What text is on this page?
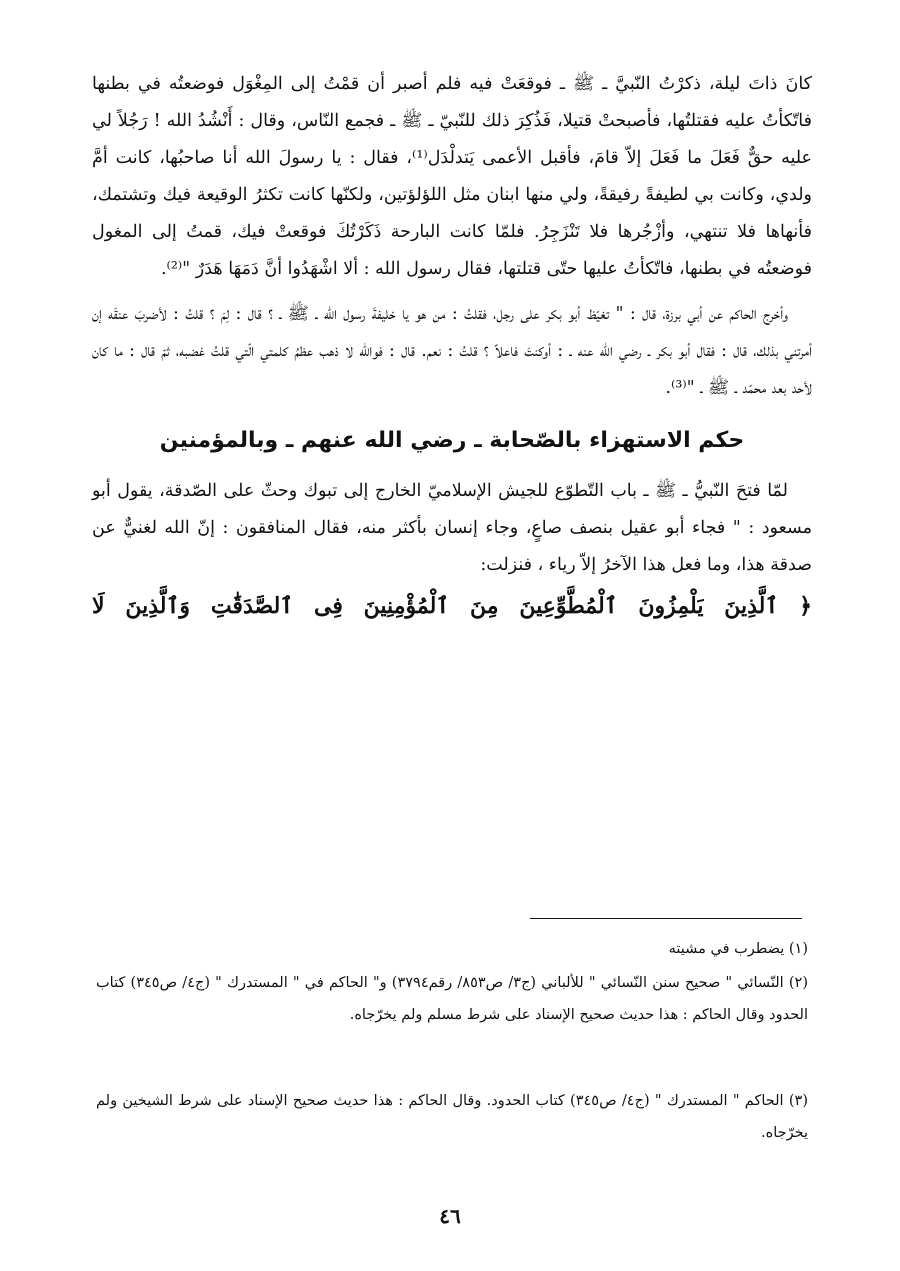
كانَ ذاتَ ليلة، ذكرْتُ النّبيَّ ـ ﷺ ـ فوقعَتْ فيه فلم أصبر أن قمْتُ إلى المِغْوَل فوضعتُه في بطنها فاتّكأتُ عليه فقتلتُها، فأصبحتْ قتيلا، فَذُكِرَ ذلك للنّبيّ ـ ﷺ ـ فجمع النّاس، وقال : أَنْشُدُ الله ! رَجُلاً لي عليه حقٌّ فَعَلَ ما فَعَلَ إلاّ قامَ، فأقبل الأعمى يَتدلْدَل⁽¹⁾، فقال : يا رسولَ الله أنا صاحبُها، كانت أمَّ ولدي، وكانت بي لطيفةً رفيقةً، ولي منها ابنان مثل اللؤلؤتين، ولكنّها كانت تكثرُ الوقيعة فيك وتشتمك، فأنهاها فلا تنتهي، وأزْجُرها فلا تَنْزَجِرُ. فلمّا كانت البارحة ذَكَرْتُكَ فوقعتْ فيك، قمتُ إلى المغول فوضعتُه في بطنها، فاتّكأتُ عليها حتّى قتلتها، فقال رسول الله : ألا اشْهَدُوا أنَّ دَمَهَا هَدَرٌ "⁽²⁾.

وأخرج الحاكم عن أبي برزة، قال : " تغيّظ أبو بكر على رجل، فقلتُ : من هو يا خليفةَ رسول الله ـ ﷺ ـ ؟ قال : لِمَ ؟ قلتُ : لأضربَ عنقَه إن أمرتني بذلك، قال : فقال أبو بكر ـ رضي الله عنه ـ : أوكنتَ فاعلاً ؟ قلتُ : نعم. قال : فوالله لا ذهب عظمُ كلمتي الّتي قلتُ غضبه، ثمّ قال : ما كان لأحد بعد محمّد ـ ﷺ ـ "⁽³⁾.

حكم الاستهزاء بالصّحابة ـ رضي الله عنهم ـ وبالمؤمنين

لمّا فتحَ النّبيُّ ـ ﷺ ـ باب التّطوّع للجيش الإسلاميّ الخارج إلى تبوك وحثّ على الصّدقة، يقول أبو مسعود : " فجاء أبو عقيل بنصف صاعٍ، وجاء إنسان بأكثر منه، فقال المنافقون : إنّ الله لغنيٌّ عن صدقة هذا، وما فعل هذا الآخرُ إلاّ رياء ، فنزلت:

﴿ ٱلَّذِينَ يَلْمِزُونَ ٱلْمُطَّوِّعِينَ مِنَ ٱلْمُؤْمِنِينَ فِى ٱلصَّدَقَٰتِ وَٱلَّذِينَ لَا

(١) يضطرب في مشيته
(٢) النّسائي " صحيح سنن النّسائي " للألباني (ج٣/ ص٨٥٣/ رقم٣٧٩٤) و" الحاكم في " المستدرك " (ج٤/ ص٣٤٥) كتاب الحدود وقال الحاكم : هذا حديث صحيح الإسناد على شرط مسلم ولم يخرّجاه.
(٣) الحاكم " المستدرك " (ج٤/ ص٣٤٥) كتاب الحدود. وقال الحاكم : هذا حديث صحيح الإسناد على شرط الشيخين ولم يخرّجاه.
٤٦
